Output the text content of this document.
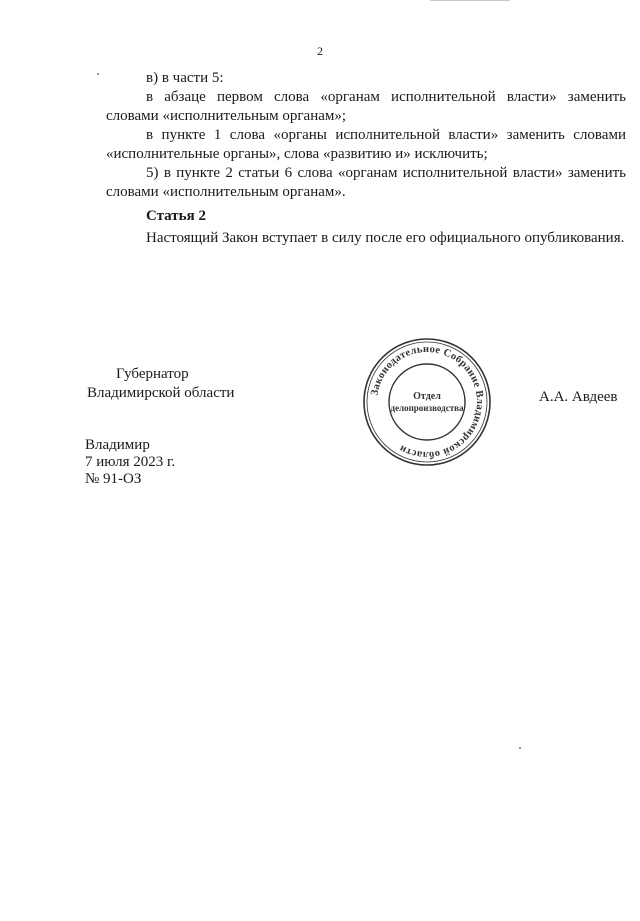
2

в) в части 5:

в абзаце первом слова «органам исполнительной власти» заменить словами «исполнительным органам»;

в пункте 1 слова «органы исполнительной власти» заменить словами «исполнительные органы», слова «развитию и» исключить;

5) в пункте 2 статьи 6 слова «органам исполнительной власти» заменить словами «исполнительным органам».

Статья 2

Настоящий Закон вступает в силу после его официального опубликования.

Губернатор
Владимирской области	А.А. Авдеев
Законодательное Собрание Владимирской области
Отдел
делопроизводства
Владимир
7 июля 2023 г.
№ 91-ОЗ
